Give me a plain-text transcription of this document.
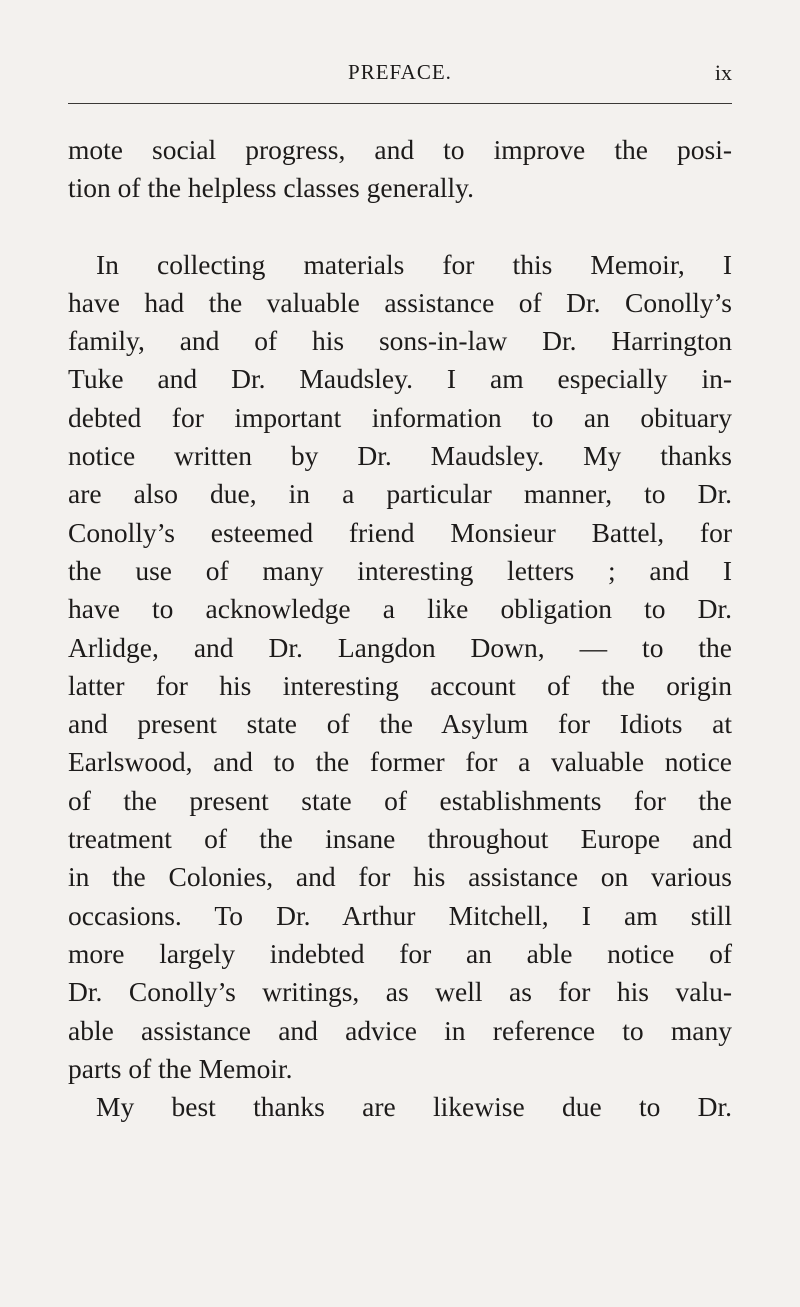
PREFACE.	ix
mote social progress, and to improve the posi-
tion of the helpless classes generally.
In collecting materials for this Memoir, I
have had the valuable assistance of Dr. Conolly’s
family, and of his sons-in-law Dr. Harrington
Tuke and Dr. Maudsley. I am especially in-
debted for important information to an obituary
notice written by Dr. Maudsley. My thanks
are also due, in a particular manner, to Dr.
Conolly’s esteemed friend Monsieur Battel, for
the use of many interesting letters ; and I
have to acknowledge a like obligation to Dr.
Arlidge, and Dr. Langdon Down, — to the
latter for his interesting account of the origin
and present state of the Asylum for Idiots at
Earlswood, and to the former for a valuable notice
of the present state of establishments for the
treatment of the insane throughout Europe and
in the Colonies, and for his assistance on various
occasions. To Dr. Arthur Mitchell, I am still
more largely indebted for an able notice of
Dr. Conolly’s writings, as well as for his valu-
able assistance and advice in reference to many
parts of the Memoir.
My best thanks are likewise due to Dr.
